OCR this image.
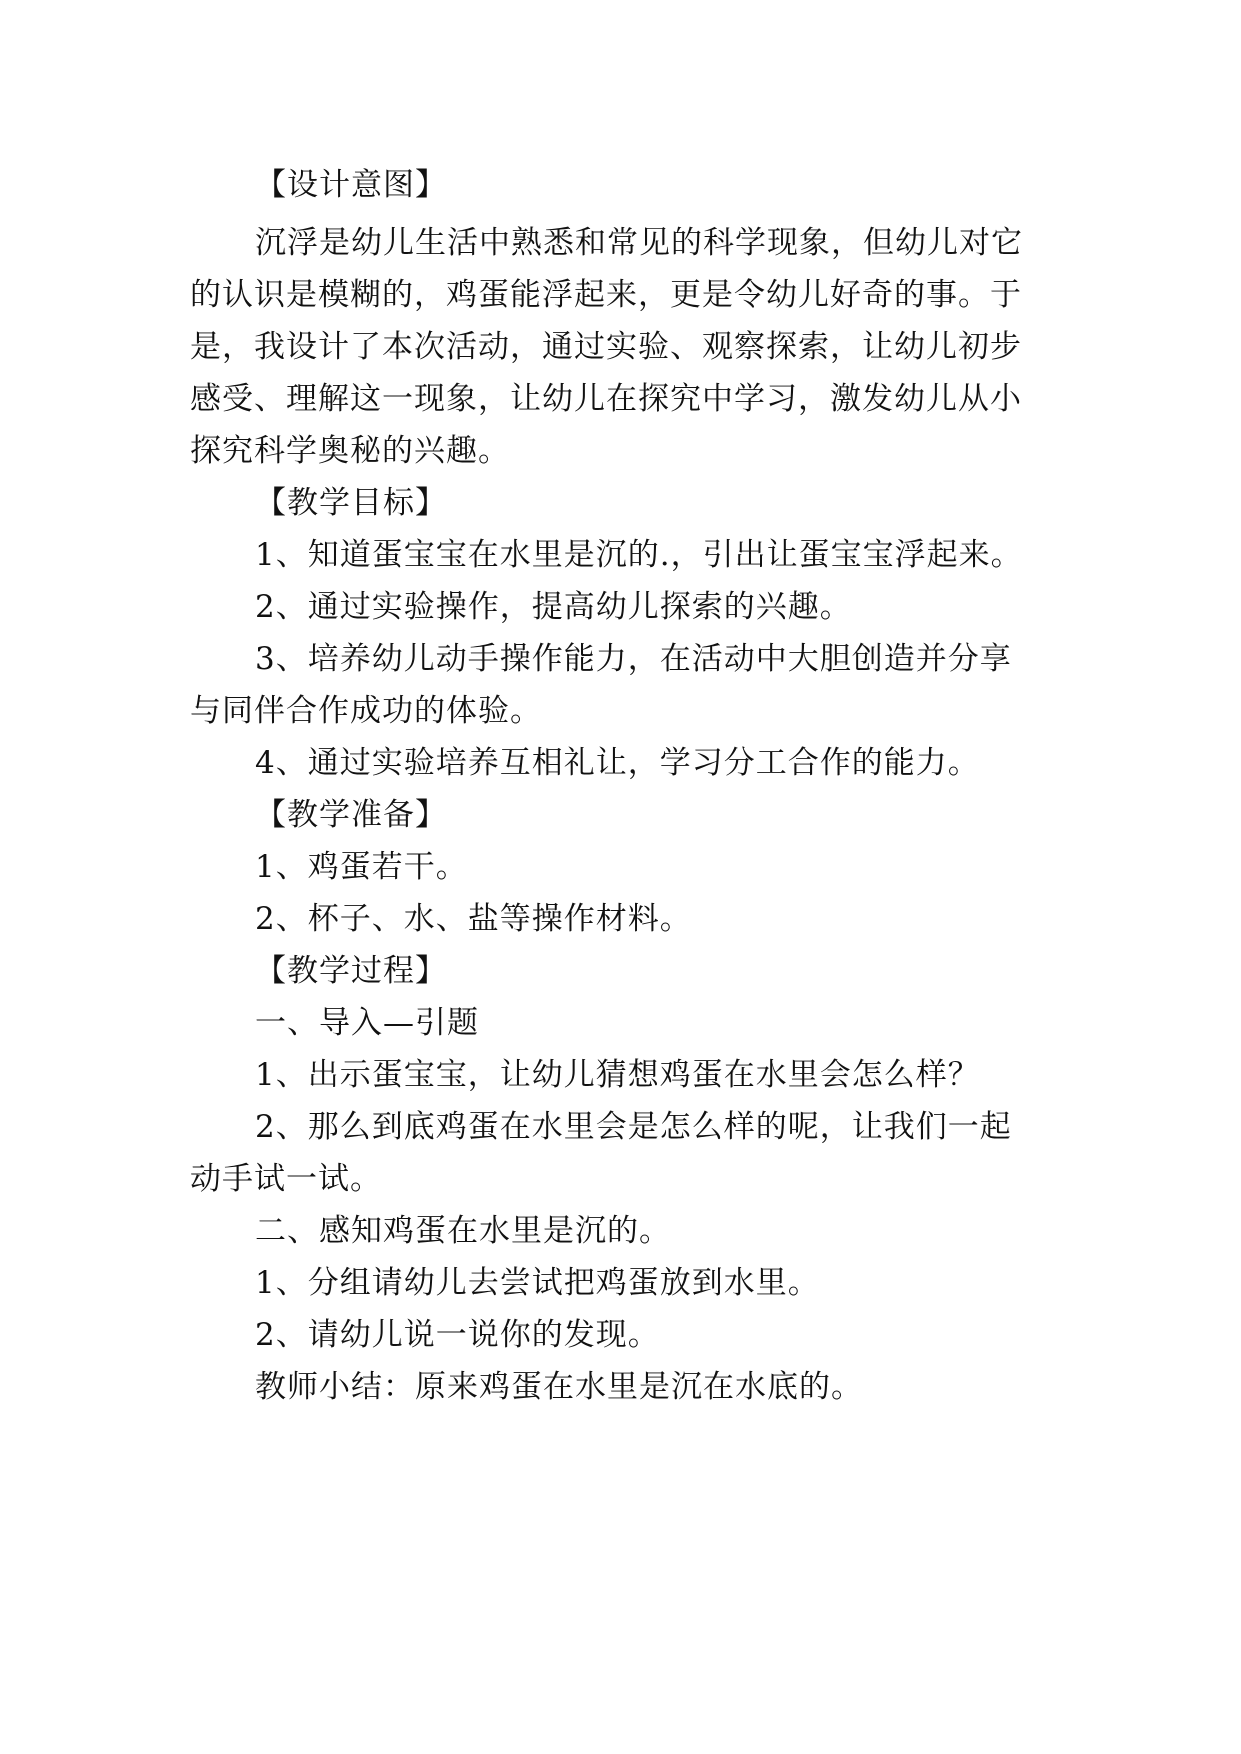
【设计意图】
沉浮是幼儿生活中熟悉和常见的科学现象，但幼儿对它
的认识是模糊的，鸡蛋能浮起来，更是令幼儿好奇的事。于
是，我设计了本次活动，通过实验、观察探索，让幼儿初步
感受、理解这一现象，让幼儿在探究中学习，激发幼儿从小
探究科学奥秘的兴趣。
【教学目标】
1、知道蛋宝宝在水里是沉的.，引出让蛋宝宝浮起来。
2、通过实验操作，提高幼儿探索的兴趣。
3、培养幼儿动手操作能力，在活动中大胆创造并分享
与同伴合作成功的体验。
4、通过实验培养互相礼让，学习分工合作的能力。
【教学准备】
1、鸡蛋若干。
2、杯子、水、盐等操作材料。
【教学过程】
一、导入—引题
1、出示蛋宝宝，让幼儿猜想鸡蛋在水里会怎么样？
2、那么到底鸡蛋在水里会是怎么样的呢，让我们一起
动手试一试。
二、感知鸡蛋在水里是沉的。
1、分组请幼儿去尝试把鸡蛋放到水里。
2、请幼儿说一说你的发现。
教师小结：原来鸡蛋在水里是沉在水底的。
